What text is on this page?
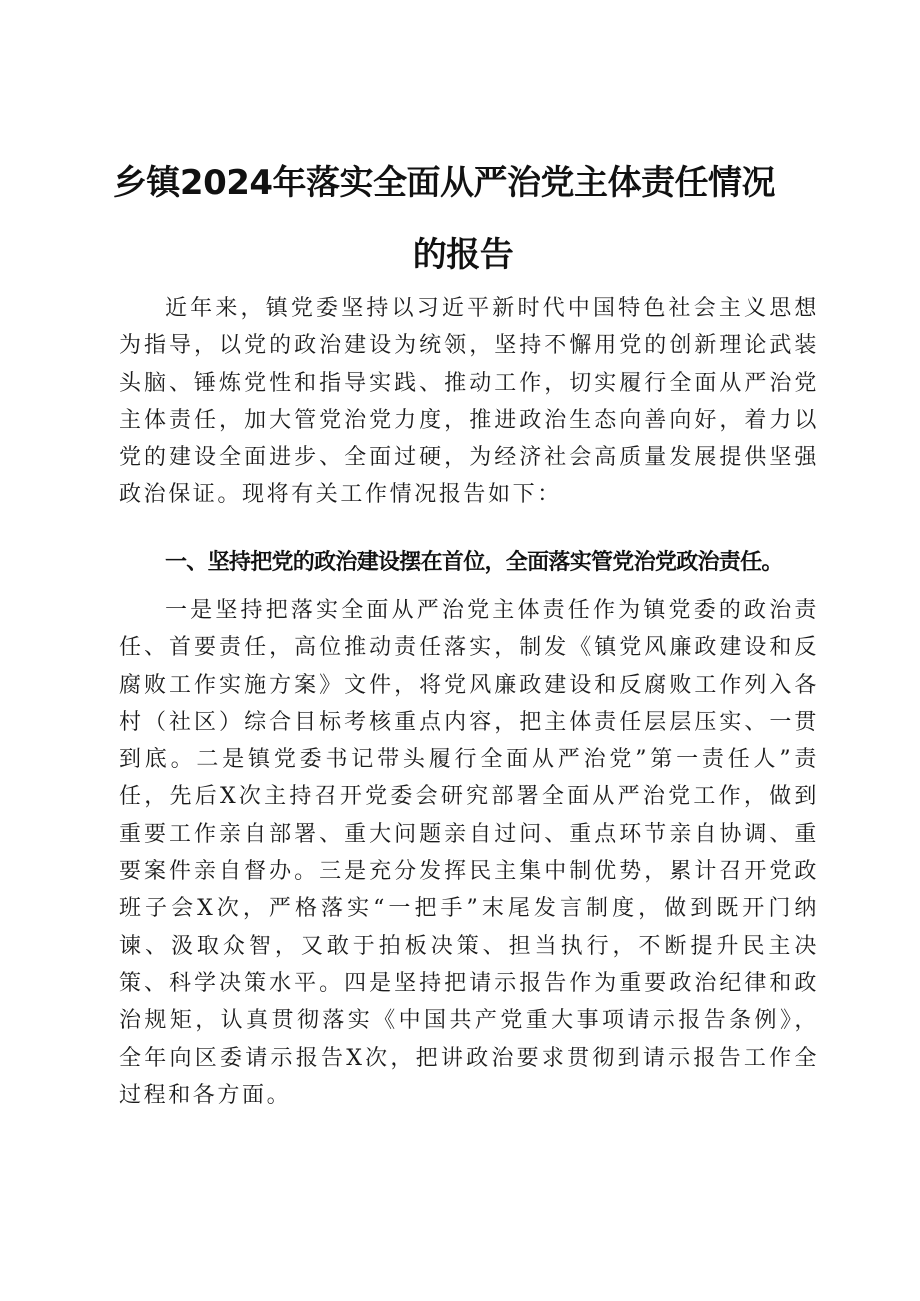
乡镇2024年落实全面从严治党主体责任情况
的报告

近年来，镇党委坚持以习近平新时代中国特色社会主义思想为指导，以党的政治建设为统领，坚持不懈用党的创新理论武装头脑、锤炼党性和指导实践、推动工作，切实履行全面从严治党主体责任，加大管党治党力度，推进政治生态向善向好，着力以党的建设全面进步、全面过硬，为经济社会高质量发展提供坚强政治保证。现将有关工作情况报告如下：

一、坚持把党的政治建设摆在首位，全面落实管党治党政治责任。

一是坚持把落实全面从严治党主体责任作为镇党委的政治责任、首要责任，高位推动责任落实，制发《镇党风廉政建设和反腐败工作实施方案》文件，将党风廉政建设和反腐败工作列入各村（社区）综合目标考核重点内容，把主体责任层层压实、一贯到底。二是镇党委书记带头履行全面从严治党”第一责任人”责任，先后X次主持召开党委会研究部署全面从严治党工作，做到重要工作亲自部署、重大问题亲自过问、重点环节亲自协调、重要案件亲自督办。三是充分发挥民主集中制优势，累计召开党政班子会X次，严格落实“一把手”末尾发言制度，做到既开门纳谏、汲取众智，又敢于拍板决策、担当执行，不断提升民主决策、科学决策水平。四是坚持把请示报告作为重要政治纪律和政治规矩，认真贯彻落实《中国共产党重大事项请示报告条例》，全年向区委请示报告X次，把讲政治要求贯彻到请示报告工作全过程和各方面。
